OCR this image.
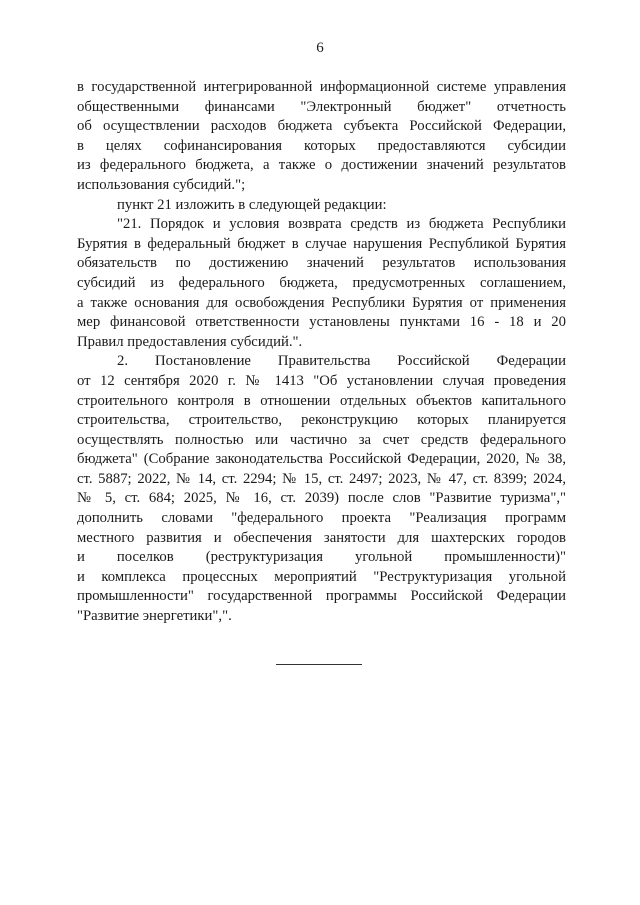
6
в государственной интегрированной информационной системе управления
общественными финансами "Электронный бюджет" отчетность
об осуществлении расходов бюджета субъекта Российской Федерации,
в целях софинансирования которых предоставляются субсидии
из федерального бюджета, а также о достижении значений результатов
использования субсидий.";
пункт 21 изложить в следующей редакции:
"21. Порядок и условия возврата средств из бюджета Республики
Бурятия в федеральный бюджет в случае нарушения Республикой Бурятия
обязательств по достижению значений результатов использования
субсидий из федерального бюджета, предусмотренных соглашением,
а также основания для освобождения Республики Бурятия от применения
мер финансовой ответственности установлены пунктами 16 - 18 и 20
Правил предоставления субсидий.".
2. Постановление Правительства Российской Федерации
от 12 сентября 2020 г. № 1413 "Об установлении случая проведения
строительного контроля в отношении отдельных объектов капитального
строительства, строительство, реконструкцию которых планируется
осуществлять полностью или частично за счет средств федерального
бюджета" (Собрание законодательства Российской Федерации, 2020, № 38,
ст. 5887; 2022, № 14, ст. 2294; № 15, ст. 2497; 2023, № 47, ст. 8399; 2024,
№ 5, ст. 684; 2025, № 16, ст. 2039) после слов "Развитие туризма","
дополнить словами "федерального проекта "Реализация программ
местного развития и обеспечения занятости для шахтерских городов
и поселков (реструктуризация угольной промышленности)"
и комплекса процессных мероприятий "Реструктуризация угольной
промышленности" государственной программы Российской Федерации
"Развитие энергетики",".
